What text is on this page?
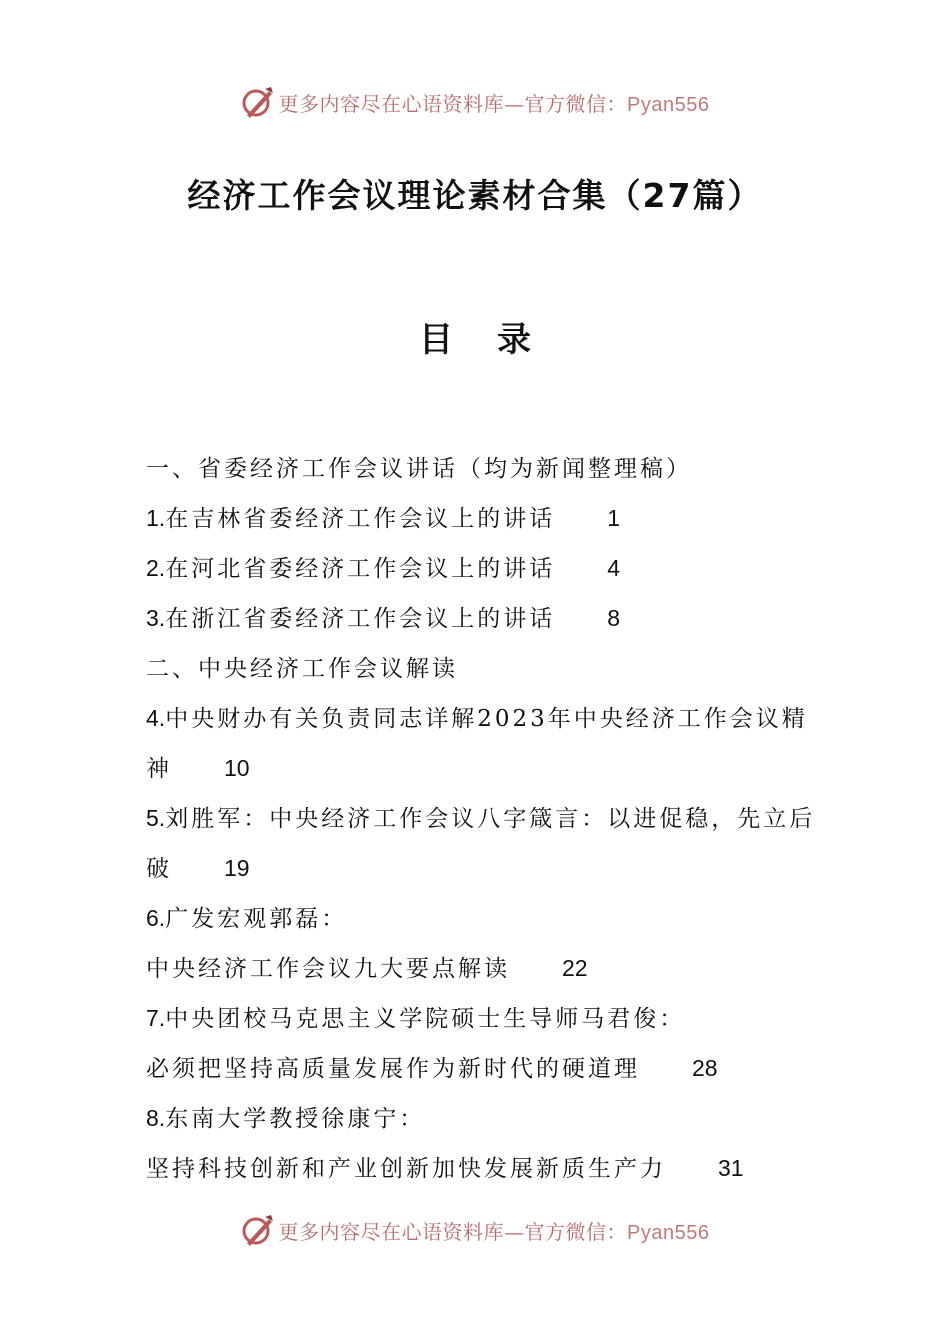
更多内容尽在心语资料库—官方微信：Pyan556
经济工作会议理论素材合集（27篇）
目 录
一、省委经济工作会议讲话（均为新闻整理稿）
1.在吉林省委经济工作会议上的讲话 1
2.在河北省委经济工作会议上的讲话 4
3.在浙江省委经济工作会议上的讲话 8
二、中央经济工作会议解读
4.中央财办有关负责同志详解2023年中央经济工作会议精
神 10
5.刘胜军：中央经济工作会议八字箴言：以进促稳，先立后
破 19
6.广发宏观郭磊：
中央经济工作会议九大要点解读 22
7.中央团校马克思主义学院硕士生导师马君俊：
必须把坚持高质量发展作为新时代的硬道理 28
8.东南大学教授徐康宁：
坚持科技创新和产业创新加快发展新质生产力 31
更多内容尽在心语资料库—官方微信：Pyan556
